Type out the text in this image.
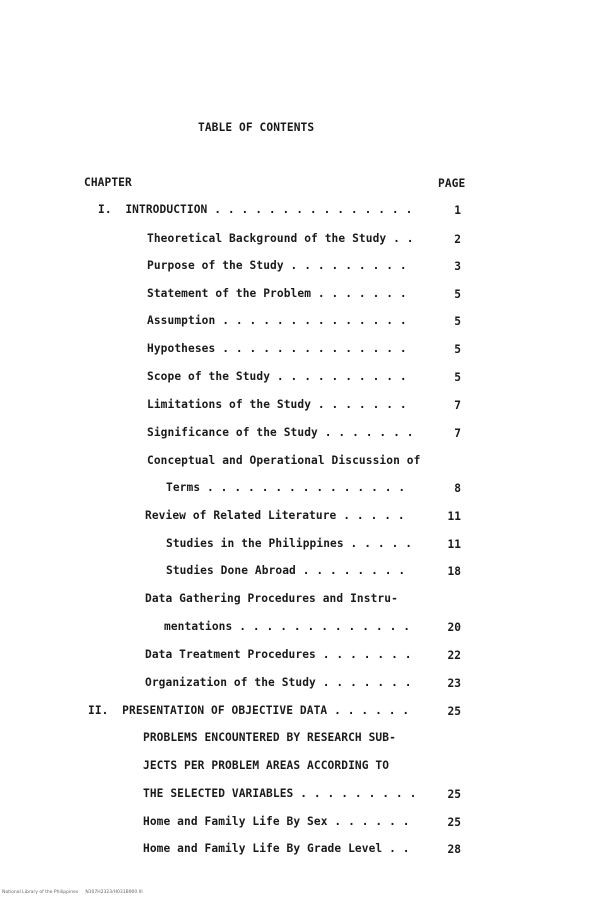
TABLE OF CONTENTS
CHAPTER	PAGE
I.  INTRODUCTION . . . . . . . . . . . . . . .	1
Theoretical Background of the Study . .	2
Purpose of the Study . . . . . . . . .	3
Statement of the Problem . . . . . . .	5
Assumption . . . . . . . . . . . . . .	5
Hypotheses . . . . . . . . . . . . . .	5
Scope of the Study . . . . . . . . . .	5
Limitations of the Study . . . . . . .	7
Significance of the Study . . . . . . .	7
Conceptual and Operational Discussion of
Terms . . . . . . . . . . . . . . .	8
Review of Related Literature . . . . .	11
Studies in the Philippines . . . . .	11
Studies Done Abroad . . . . . . . .	18
Data Gathering Procedures and Instru-
mentations . . . . . . . . . . . . .	20
Data Treatment Procedures . . . . . . .	22
Organization of the Study . . . . . . .	23
II.  PRESENTATION OF OBJECTIVE DATA . . . . . .	25
PROBLEMS ENCOUNTERED BY RESEARCH SUB-
JECTS PER PROBLEM AREAS ACCORDING TO
THE SELECTED VARIABLES . . . . . . . . .	25
Home and Family Life By Sex . . . . . .	25
Home and Family Life By Grade Level . .	28
National Library of the Philippines     N107H2323/H031B900 III
